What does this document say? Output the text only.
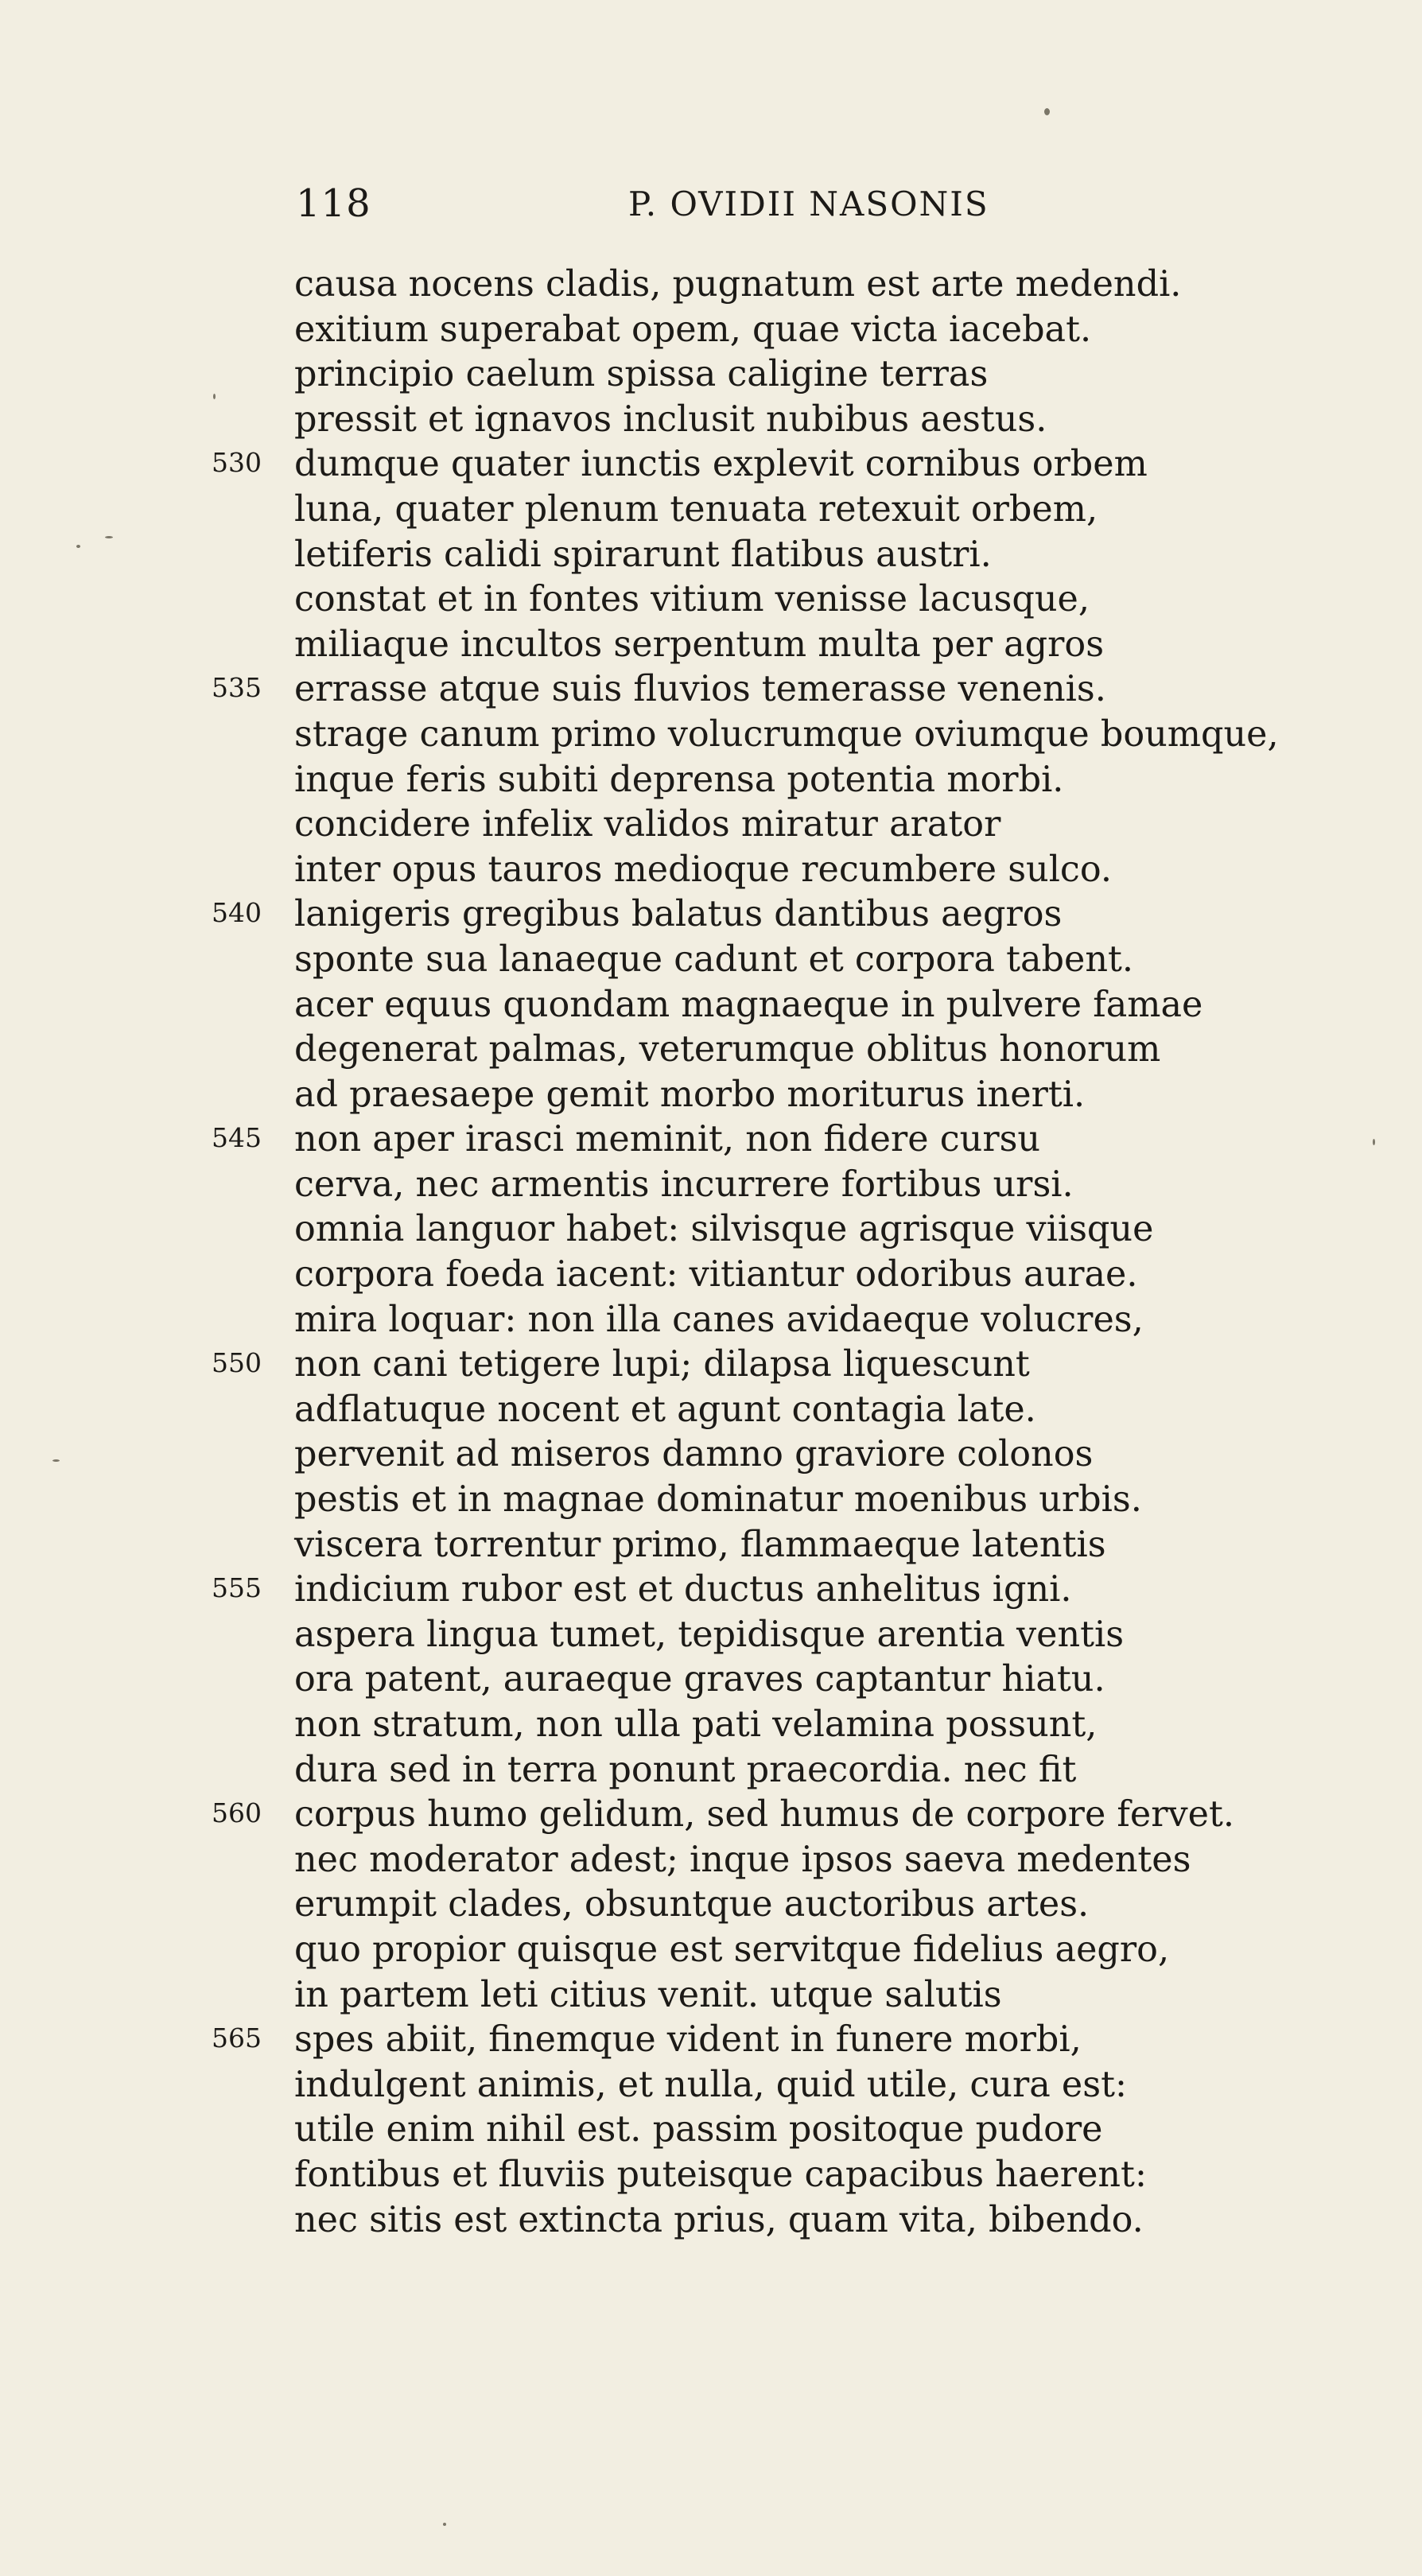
118	P. OVIDII NASONIS
causa nocens cladis, pugnatum est arte medendi.
exitium superabat opem, quae victa iacebat.
principio caelum spissa caligine terras
pressit et ignavos inclusit nubibus aestus.
530 dumque quater iunctis explevit cornibus orbem
luna, quater plenum tenuata retexuit orbem,
letiferis calidi spirarunt flatibus austri.
constat et in fontes vitium venisse lacusque,
miliaque incultos serpentum multa per agros
535 errasse atque suis fluvios temerasse venenis.
strage canum primo volucrumque oviumque boumque,
inque feris subiti deprensa potentia morbi.
concidere infelix validos miratur arator
inter opus tauros medioque recumbere sulco.
540 lanigeris gregibus balatus dantibus aegros
sponte sua lanaeque cadunt et corpora tabent.
acer equus quondam magnaeque in pulvere famae
degenerat palmas, veterumque oblitus honorum
ad praesaepe gemit morbo moriturus inerti.
545 non aper irasci meminit, non fidere cursu
cerva, nec armentis incurrere fortibus ursi.
omnia languor habet: silvisque agrisque viisque
corpora foeda iacent: vitiantur odoribus aurae.
mira loquar: non illa canes avidaeque volucres,
550 non cani tetigere lupi; dilapsa liquescunt
adflatuque nocent et agunt contagia late.
pervenit ad miseros damno graviore colonos
pestis et in magnae dominatur moenibus urbis.
viscera torrentur primo, flammaeque latentis
555 indicium rubor est et ductus anhelitus igni.
aspera lingua tumet, tepidisque arentia ventis
ora patent, auraeque graves captantur hiatu.
non stratum, non ulla pati velamina possunt,
dura sed in terra ponunt praecordia. nec fit
560 corpus humo gelidum, sed humus de corpore fervet.
nec moderator adest; inque ipsos saeva medentes
erumpit clades, obsuntque auctoribus artes.
quo propior quisque est servitque fidelius aegro,
in partem leti citius venit. utque salutis
565 spes abiit, finemque vident in funere morbi,
indulgent animis, et nulla, quid utile, cura est:
utile enim nihil est. passim positoque pudore
fontibus et fluviis puteisque capacibus haerent:
nec sitis est extincta prius, quam vita, bibendo.
